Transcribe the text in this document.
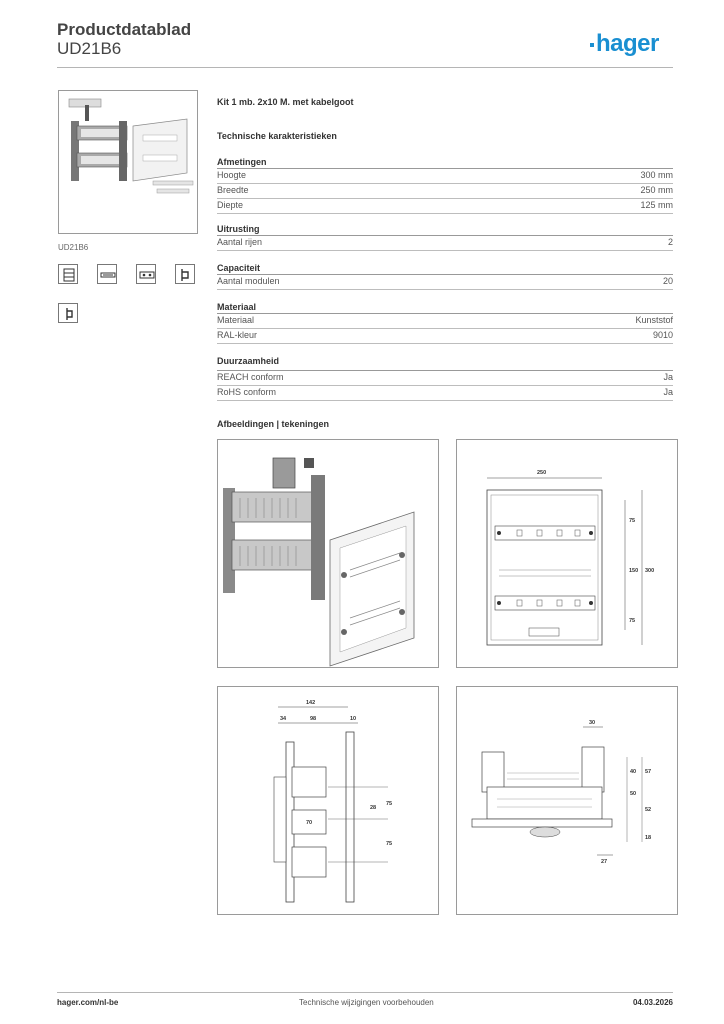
Productdatablad
UD21B6	hager
UD21B6
Kit 1 mb. 2x10 M. met kabelgoot
Technische karakteristieken
Afmetingen
Hoogte	300 mm
Breedte	250 mm
Diepte	125 mm
Uitrusting
Aantal rijen	2
Capaciteit
Aantal modulen	20
Materiaal
Materiaal	Kunststof
RAL-kleur	9010
Duurzaamheid
REACH conform	Ja
RoHS conform	Ja
Afbeeldingen | tekeningen
250
75
150
75
300
142
34	98	10
28
75
70
75
30
40 57
50
52
18
27
hager.com/nl-be	Technische wijzigingen voorbehouden	04.03.2026
